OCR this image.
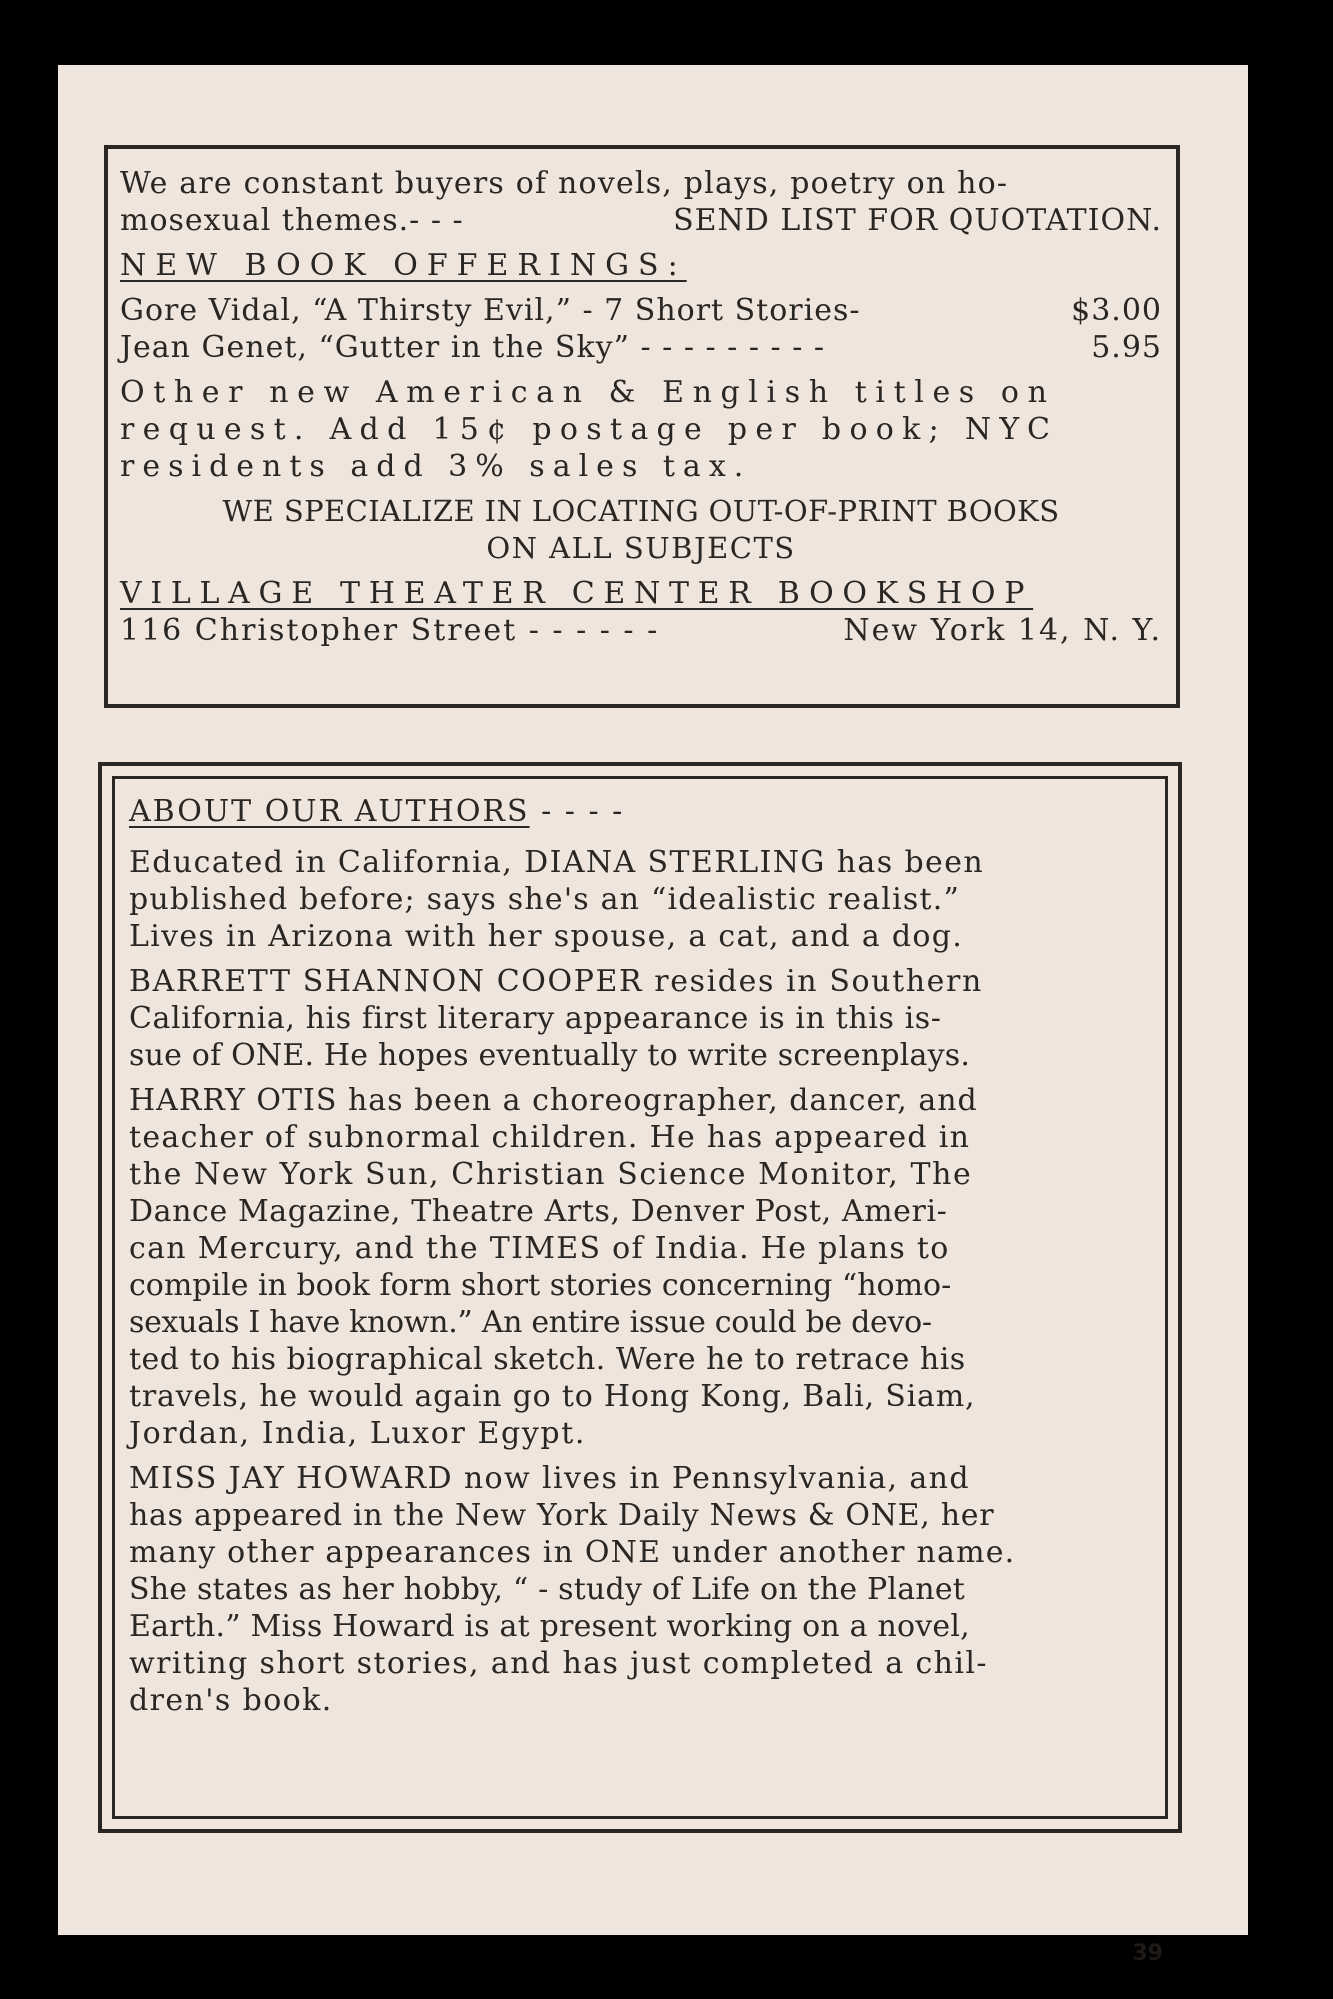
We are constant buyers of novels, plays, poetry on ho-
mosexual themes.- - -	SEND LIST FOR QUOTATION.
NEW BOOK OFFERINGS:
Gore Vidal, “A Thirsty Evil,” - 7 Short Stories-	$3.00
Jean Genet, “Gutter in the Sky” - - - - - - - - -	5.95
Other new American & English titles on
request. Add 15¢ postage per book; NYC
residents add 3% sales tax.
WE SPECIALIZE IN LOCATING OUT-OF-PRINT BOOKS
ON ALL SUBJECTS
VILLAGE THEATER CENTER BOOKSHOP
116 Christopher Street - - - - - -	New York 14, N. Y.
ABOUT OUR AUTHORS - - - -
Educated in California, DIANA STERLING has been
published before; says she's an “idealistic realist.”
Lives in Arizona with her spouse, a cat, and a dog.
BARRETT SHANNON COOPER resides in Southern
California, his first literary appearance is in this is-
sue of ONE. He hopes eventually to write screenplays.
HARRY OTIS has been a choreographer, dancer, and
teacher of subnormal children. He has appeared in
the New York Sun, Christian Science Monitor, The
Dance Magazine, Theatre Arts, Denver Post, Ameri-
can Mercury, and the TIMES of India. He plans to
compile in book form short stories concerning “homo-
sexuals I have known.” An entire issue could be devo-
ted to his biographical sketch. Were he to retrace his
travels, he would again go to Hong Kong, Bali, Siam,
Jordan, India, Luxor Egypt.
MISS JAY HOWARD now lives in Pennsylvania, and
has appeared in the New York Daily News & ONE, her
many other appearances in ONE under another name.
She states as her hobby, “ - study of Life on the Planet
Earth.” Miss Howard is at present working on a novel,
writing short stories, and has just completed a chil-
dren's book.
39
